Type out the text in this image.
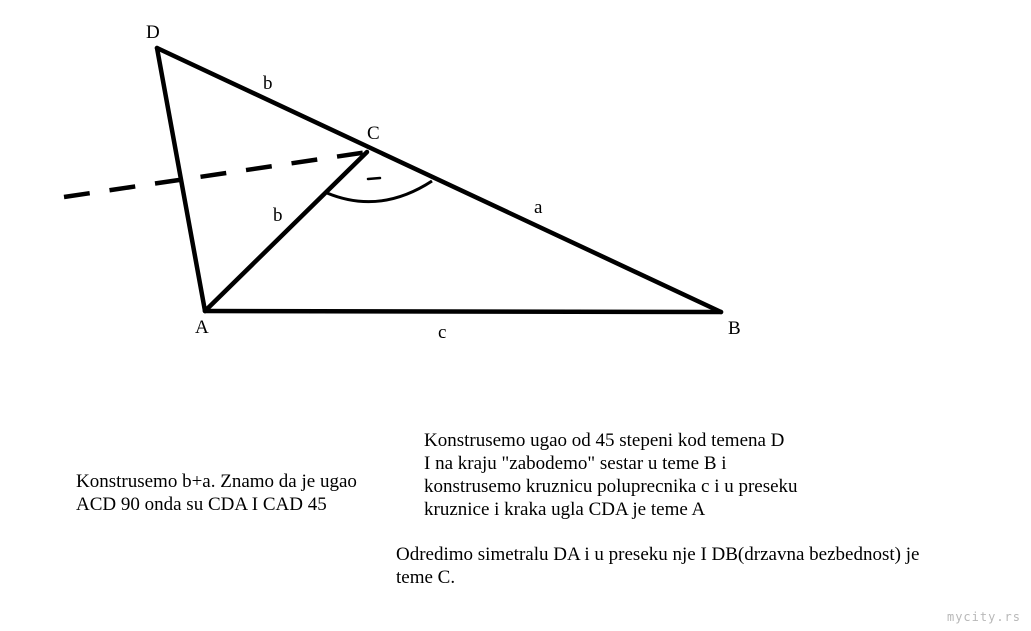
D
C
A	B
b
b	a
c
Konstrusemo b+a. Znamo da je ugao ACD 90 onda su CDA I CAD 45
Konstrusemo ugao od 45 stepeni kod temena D
I na kraju "zabodemo" sestar u teme B i
konstrusemo kruznicu poluprecnika c i u preseku
kruznice i kraka ugla CDA je teme A
Odredimo simetralu DA i u preseku nje I DB(drzavna bezbednost) je
teme C.
mycity.rs
